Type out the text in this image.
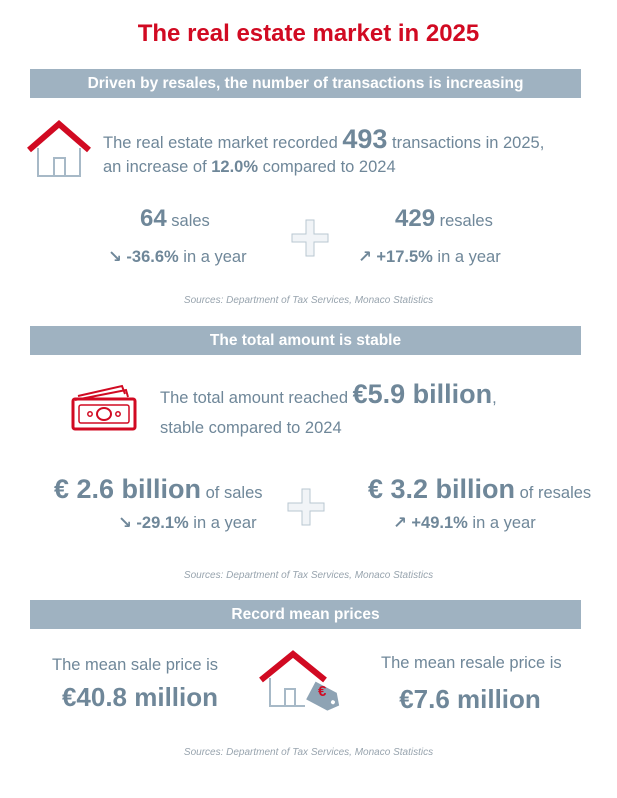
The real estate market in 2025
Driven by resales, the number of transactions is increasing
The real estate market recorded 493 transactions in 2025,
an increase of 12.0% compared to 2024
64 sales
↘ -36.6% in a year
429 resales
↗ +17.5% in a year
Sources: Department of Tax Services, Monaco Statistics
The total amount is stable
The total amount reached €5.9 billion,
stable compared to 2024
€ 2.6 billion of sales
↘ -29.1% in a year
€ 3.2 billion of resales
↗ +49.1% in a year
Sources: Department of Tax Services, Monaco Statistics
Record mean prices
The mean sale price is
€40.8 million	€
The mean resale price is
€7.6 million
Sources: Department of Tax Services, Monaco Statistics
